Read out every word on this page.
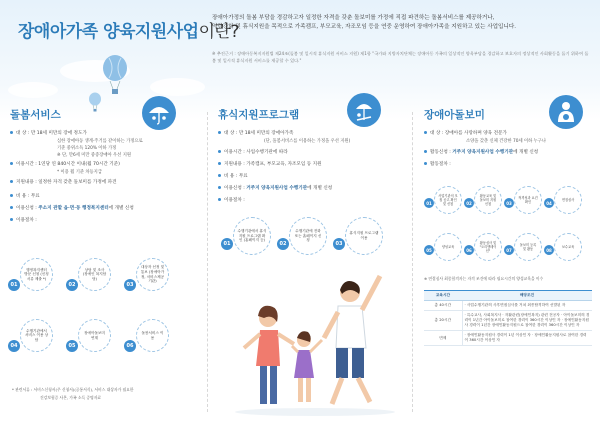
장애아가족 양육지원사업이란?
장애아가정의 돌봄 부담을 경감하고자 일정한 자격을 갖춘 돌보미를 가정에 직접 파견하는 돌봄서비스를 제공하거나,
역량강화 및 휴식지원을 목적으로 가족캠프, 부모교육, 자조모임 등을 연중 운영하여 장애아가족을 지원하고 있는 사업입니다.
※ 추진근거 : 장애아동복지지원법 제24조(돌봄 및 일시적 휴식지원 서비스 지원) 제1항 "국가와 지방자치단체는 장애아동 가족의 일상적인 양육부담을 경감하고 보호자의 정상적인 사회활동을 돕기 위하여 돌봄 및 일시적 휴식지원 서비스를 제공할 수 있다."
돌봄서비스
대 상 : 만 18세 미만의 장애 정도가
심한 장애아동 생계·주거를 같이하는 가정으로
기준 중위소득 120% 이하 가정
※ 단, 만6세 미만 중증장애아 우선 지원
이용시간 : 1연당 연 840시간 이내(월 70시간 기준)
* 이용 월 기준 차등지급
지원내용 : 일정한 자격 갖춘 돌보미를 가정에 파견
비 용 : 무료
이용신청 : 주소지 관할 읍·면·동 행정복지센터에 개별 신청
이용절차 :
01
행정복지센터 방문 신청 (신청서류 제출 *)
02
상담 및 조사 (장애인 복지담당)
03
대상자 선정 및 통보 (장애아가정, 서비스제공기관)
04
수행기관에서 서비스 이용 상담
05
장애아돌보미 연계
06
돌봄서비스 이용
* 관련서류 : 서비스신청서(주 신청서)(공통서식), 서비스 대상자가 필요한
건강보험증 사본, 가족 소득 증명자료
휴식지원프로그램
대 상 : 만 18세 미만의 장애아가족
(단, 돌봄서비스를 이용하는 가정을 우선 지원)
이용시간 : 사업수행기관에 따라
지원내용 : 가족캠프, 부모교육, 자조모임 등 지원
비 용 : 무료
이용신청 : 거주지 양육지원사업 수행기관에 개별 신청
이용절차 :
01
수행기관에서 휴식지원 프로그램 확인 (홈페이지 등)
02
수행기관에 전화 또는 홈페이지 신청
03
휴식지원 프로그램 이용
장애아돌보미
대 상 : 장애아를 사랑하며 양육 전문가
소양을 갖춘 신체 건강한 70세 이하 누구나
활동신청 : 거주지 양육지원사업 수행기관에 개별 신청
활동절차 :
01
사업기관의 모집 공고 확인 및 신청	02
활동교육 및 돌보미 지원 신청	03
적격성과 요건 확인	04
면접심사
05
양성교육
06
활동심사 및 "오리엔테이션"	07
돌보미 등록 및 활동	08
보수교육
※ 연접심사 최종합격자는 자격 조건에 따라 필요시간의 양성교육을 이수
교육시간	해당조건
총 40시간	· 사업수행기관의 사후면접심사를 거쳐 최종합격하여 선발된 자
총 20시간	· 특수교사, 사회복지사 · 자활관련(장애인복지) 관련 전공자 · 아이돌보미의 경력이 1년간 아이돌보미로 참여한 경력이 360시간 이상인 자 · 장애인활동지원사 경력이 1년간 장애인활동지원으로 참여한 경력이 360시간 이상인 자
면제	· 장애인활동지원사 경력이 1년 이상인 자 · 장애인활동지원사로 참여한 경력이 360시간 이상인 자
